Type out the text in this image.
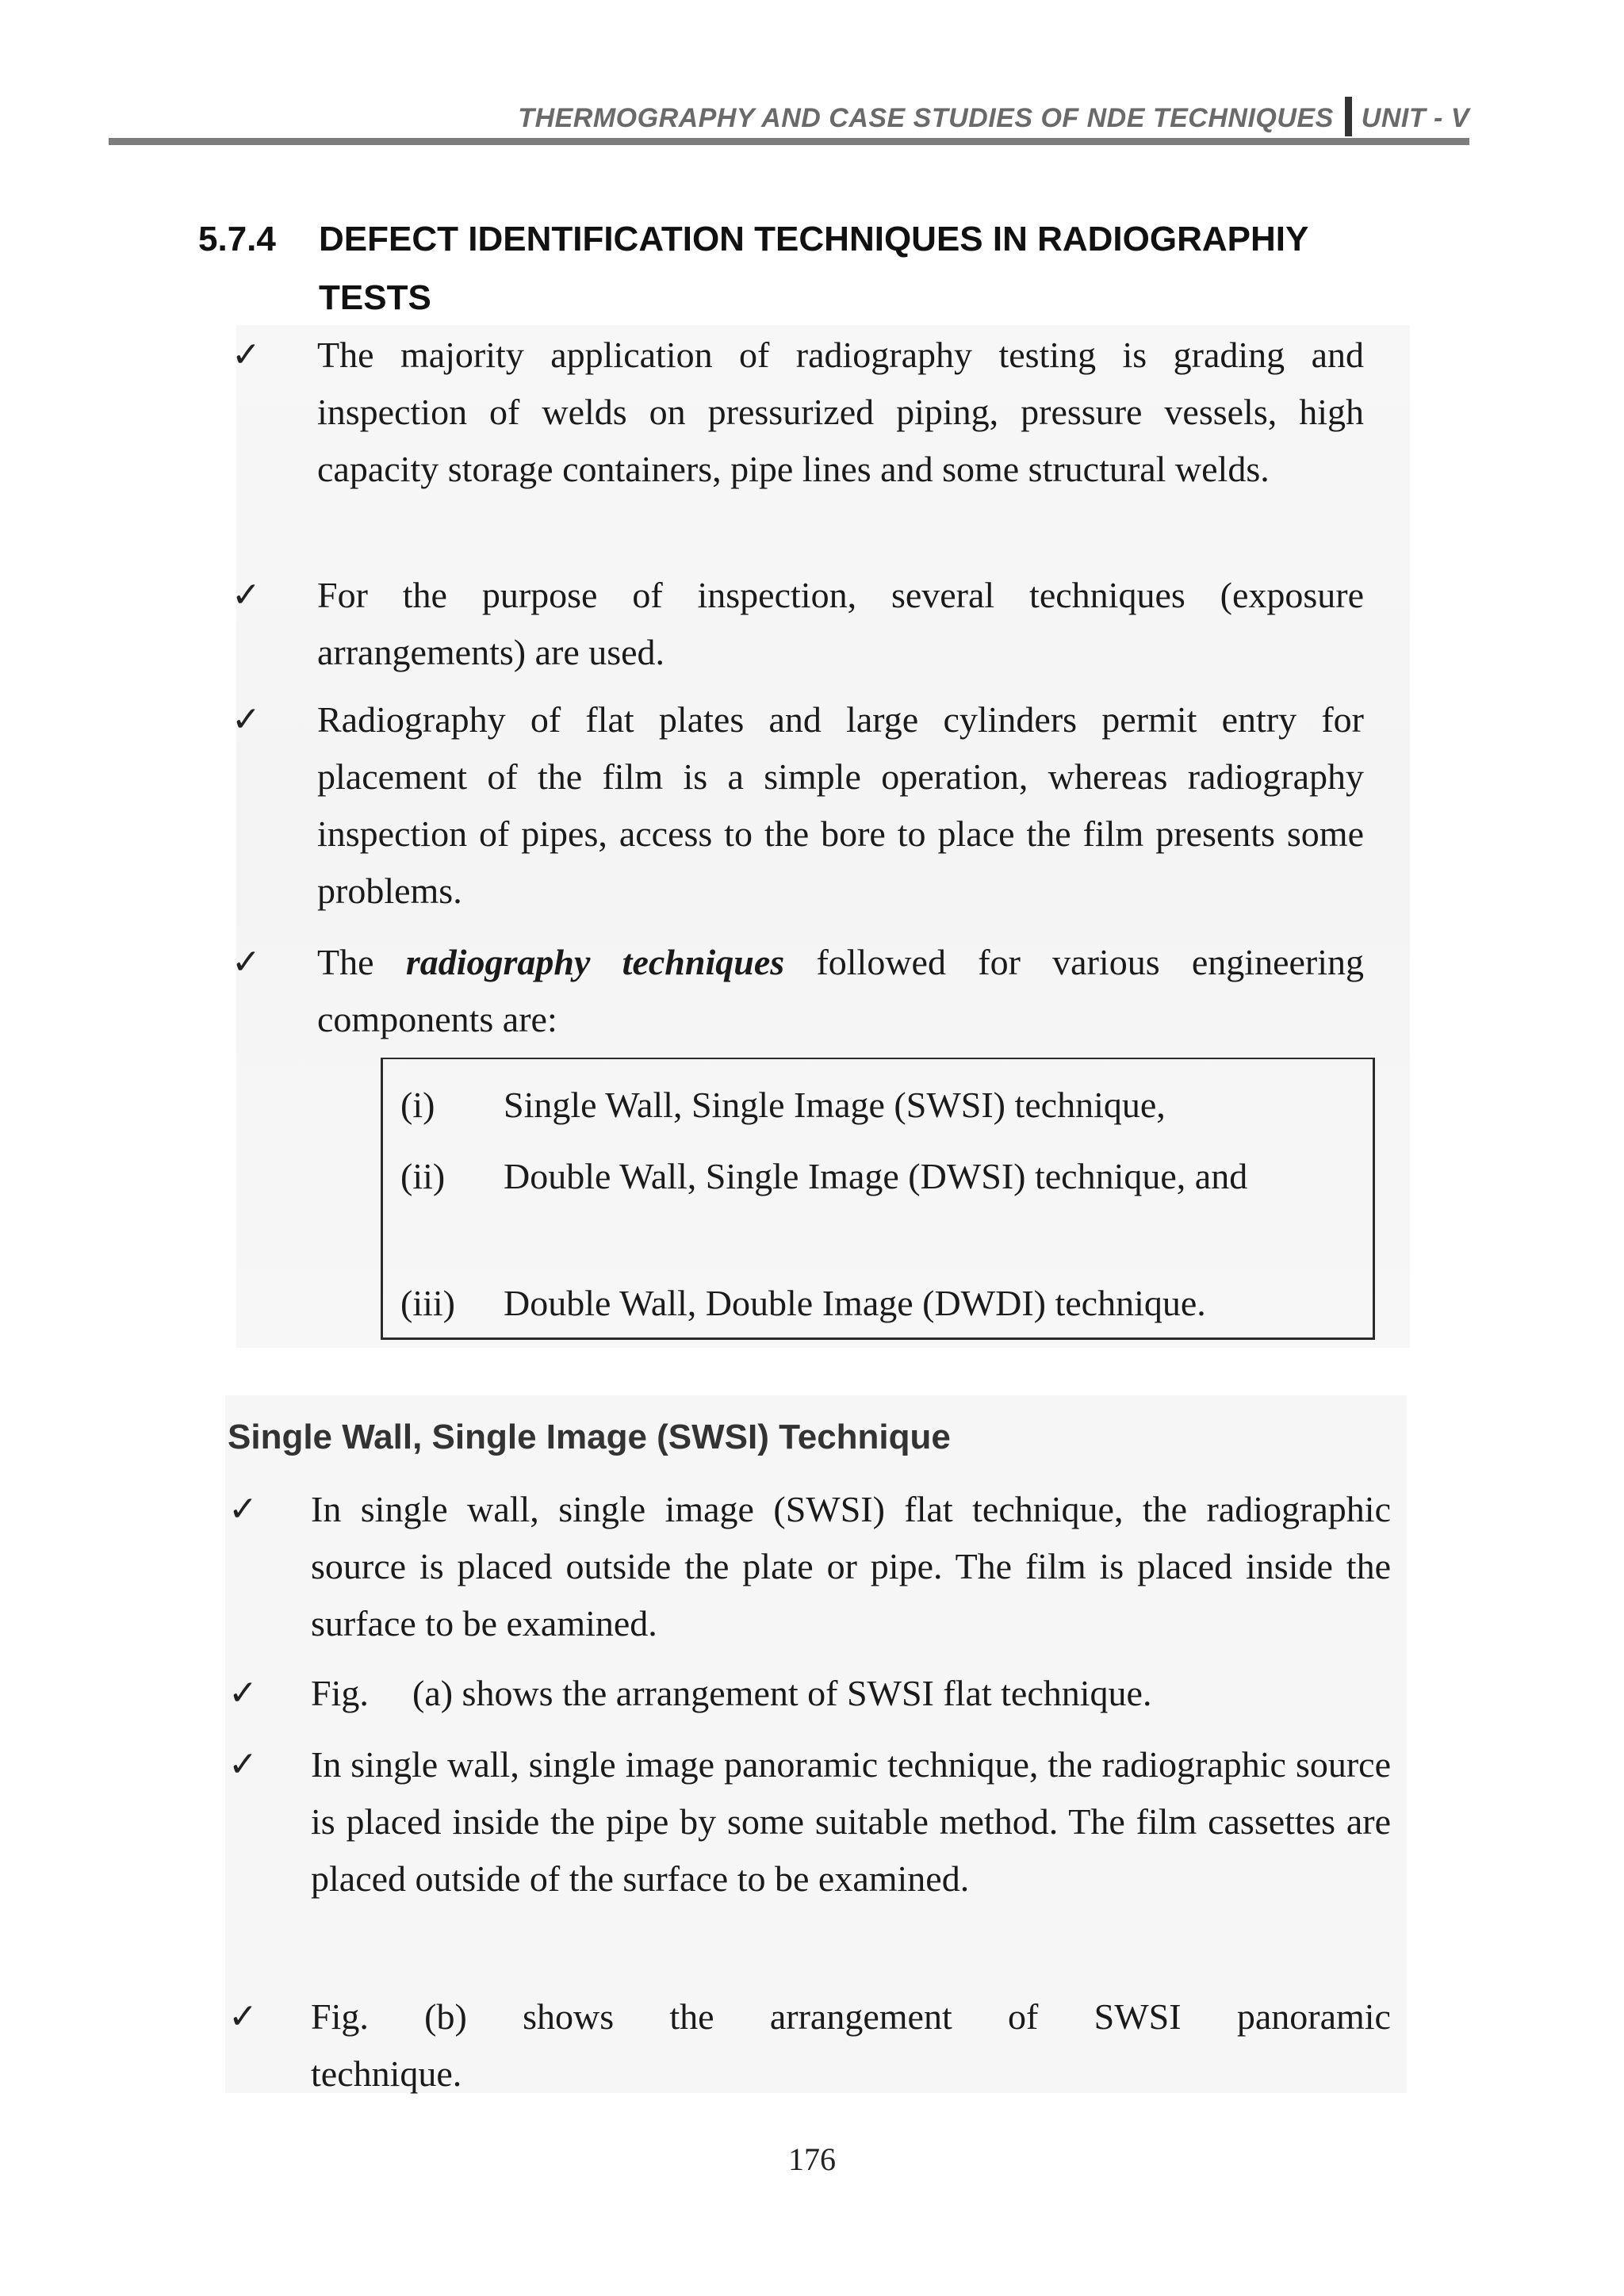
THERMOGRAPHY AND CASE STUDIES OF NDE TECHNIQUES UNIT - V
5.7.4 DEFECT IDENTIFICATION TECHNIQUES IN RADIOGRAPHIY TESTS
✓ The majority application of radiography testing is grading and inspection of welds on pressurized piping, pressure vessels, high capacity storage containers, pipe lines and some structural welds.
✓ For the purpose of inspection, several techniques (exposure arrangements) are used.
✓ Radiography of flat plates and large cylinders permit entry for placement of the film is a simple operation, whereas radiography inspection of pipes, access to the bore to place the film presents some problems.
✓ The radiography techniques followed for various engineering components are:
(i) Single Wall, Single Image (SWSI) technique,
(ii) Double Wall, Single Image (DWSI) technique, and
(iii) Double Wall, Double Image (DWDI) technique.
Single Wall, Single Image (SWSI) Technique
✓ In single wall, single image (SWSI) flat technique, the radiographic source is placed outside the plate or pipe. The film is placed inside the surface to be examined.
✓ Fig.	(a) shows the arrangement of SWSI flat technique.
✓ In single wall, single image panoramic technique, the radiographic source is placed inside the pipe by some suitable method. The film cassettes are placed outside of the surface to be examined.
✓ Fig. (b) shows the arrangement of SWSI panoramic
technique.
176
